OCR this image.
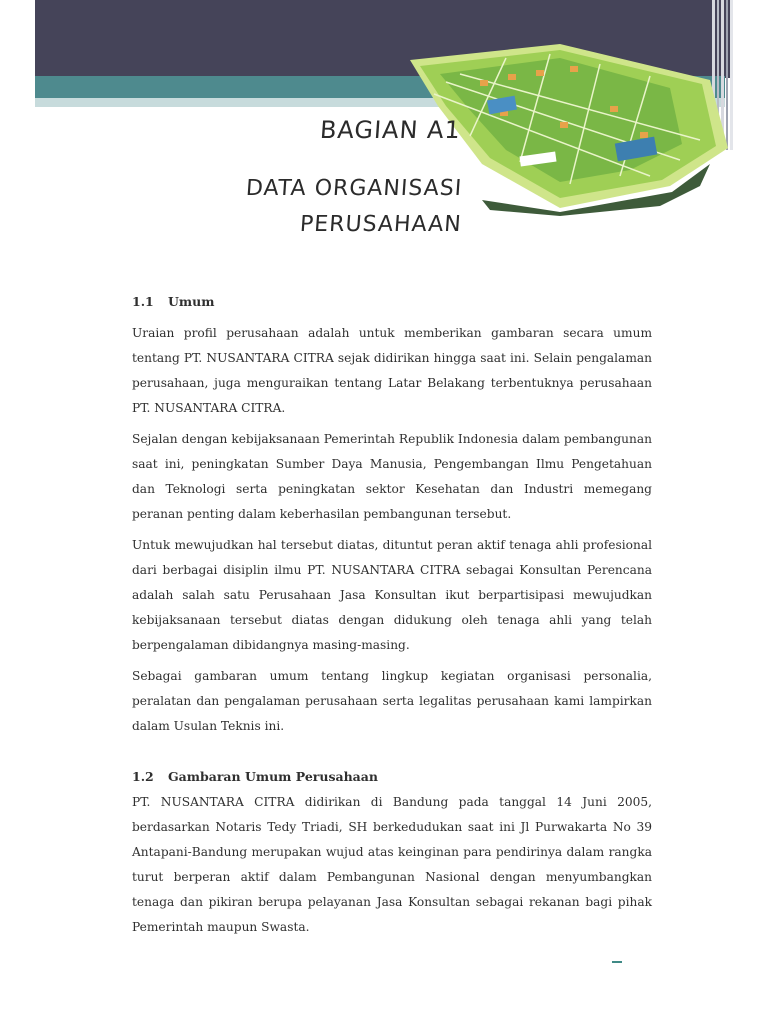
BAGIAN A1
DATA ORGANISASI
PERUSAHAAN
1.1	Umum

Uraian profil perusahaan adalah untuk memberikan gambaran secara umum tentang PT. NUSANTARA CITRA sejak didirikan hingga saat ini. Selain pengalaman perusahaan, juga menguraikan tentang Latar Belakang terbentuknya perusahaan PT. NUSANTARA CITRA.

Sejalan dengan kebijaksanaan Pemerintah Republik Indonesia dalam pembangunan saat ini, peningkatan Sumber Daya Manusia, Pengembangan Ilmu Pengetahuan dan Teknologi serta peningkatan sektor Kesehatan dan Industri memegang peranan penting dalam keberhasilan pembangunan tersebut.

Untuk mewujudkan hal tersebut diatas, dituntut peran aktif tenaga ahli profesional dari berbagai disiplin ilmu PT. NUSANTARA CITRA sebagai Konsultan Perencana adalah salah satu Perusahaan Jasa Konsultan ikut berpartisipasi mewujudkan kebijaksanaan tersebut diatas dengan didukung oleh tenaga ahli yang telah berpengalaman dibidangnya masing-masing.

Sebagai gambaran umum tentang lingkup kegiatan organisasi personalia, peralatan dan pengalaman perusahaan serta legalitas perusahaan kami lampirkan dalam Usulan Teknis ini.

1.2	Gambaran Umum Perusahaan

PT. NUSANTARA CITRA didirikan di Bandung pada tanggal 14 Juni 2005, berdasarkan Notaris Tedy Triadi, SH berkedudukan saat ini Jl Purwakarta No 39 Antapani-Bandung merupakan wujud atas keinginan para pendirinya dalam rangka turut berperan aktif dalam Pembangunan Nasional dengan menyumbangkan tenaga dan pikiran berupa pelayanan Jasa Konsultan sebagai rekanan bagi pihak Pemerintah maupun Swasta.
